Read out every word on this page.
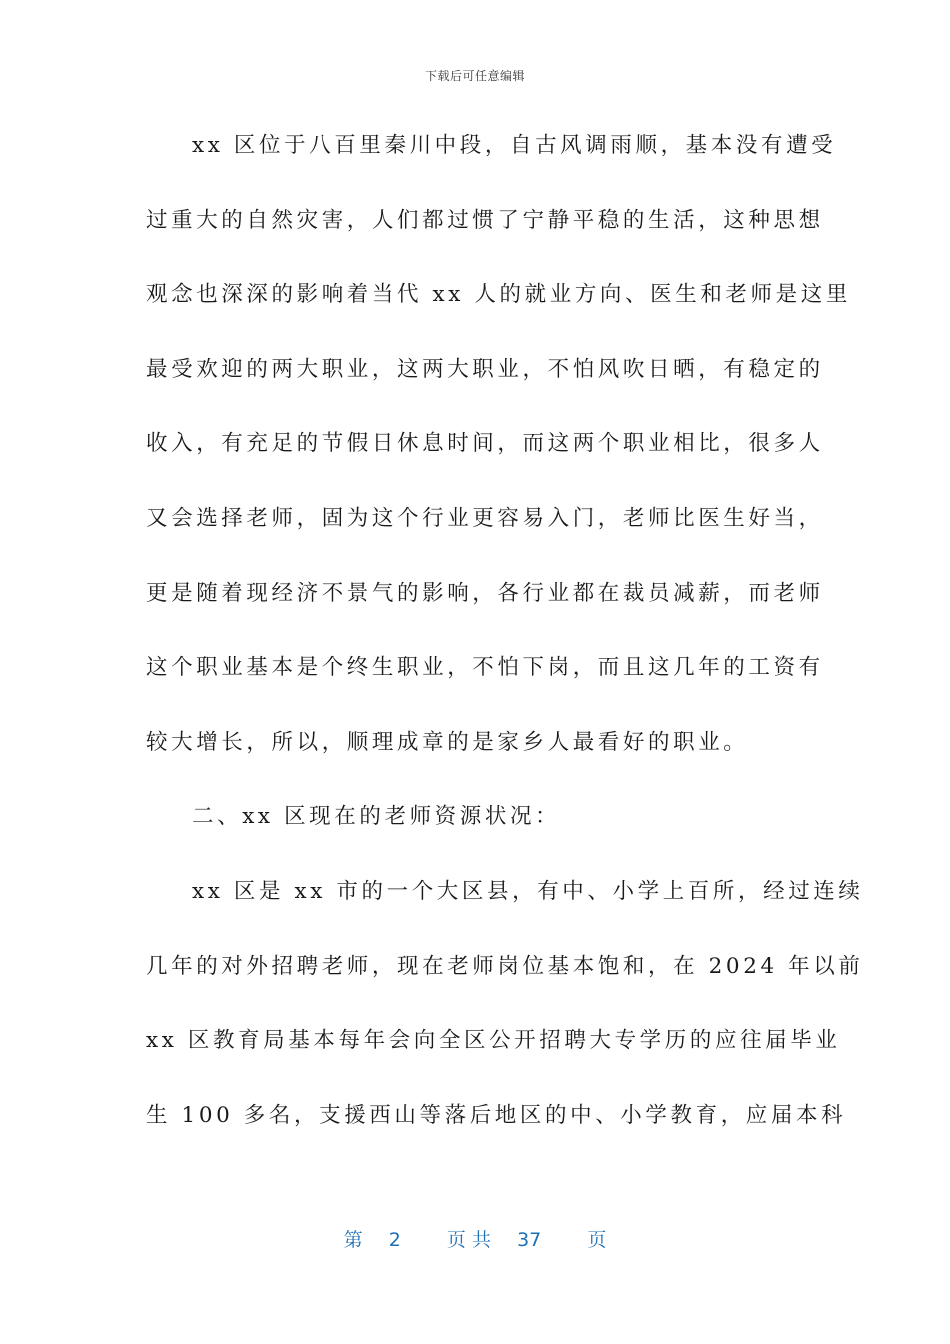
下载后可任意编辑
xx 区位于八百里秦川中段，自古风调雨顺，基本没有遭受
过重大的自然灾害，人们都过惯了宁静平稳的生活，这种思想
观念也深深的影响着当代 xx 人的就业方向、医生和老师是这里
最受欢迎的两大职业，这两大职业，不怕风吹日晒，有稳定的
收入，有充足的节假日休息时间，而这两个职业相比，很多人
又会选择老师，固为这个行业更容易入门，老师比医生好当，
更是随着现经济不景气的影响，各行业都在裁员减薪，而老师
这个职业基本是个终生职业，不怕下岗，而且这几年的工资有
较大增长，所以，顺理成章的是家乡人最看好的职业。
二、xx 区现在的老师资源状况：
xx 区是 xx 市的一个大区县，有中、小学上百所，经过连续
几年的对外招聘老师，现在老师岗位基本饱和，在 2024 年以前
xx 区教育局基本每年会向全区公开招聘大专学历的应往届毕业
生 100 多名，支援西山等落后地区的中、小学教育，应届本科
第 2 页 共 37 页
